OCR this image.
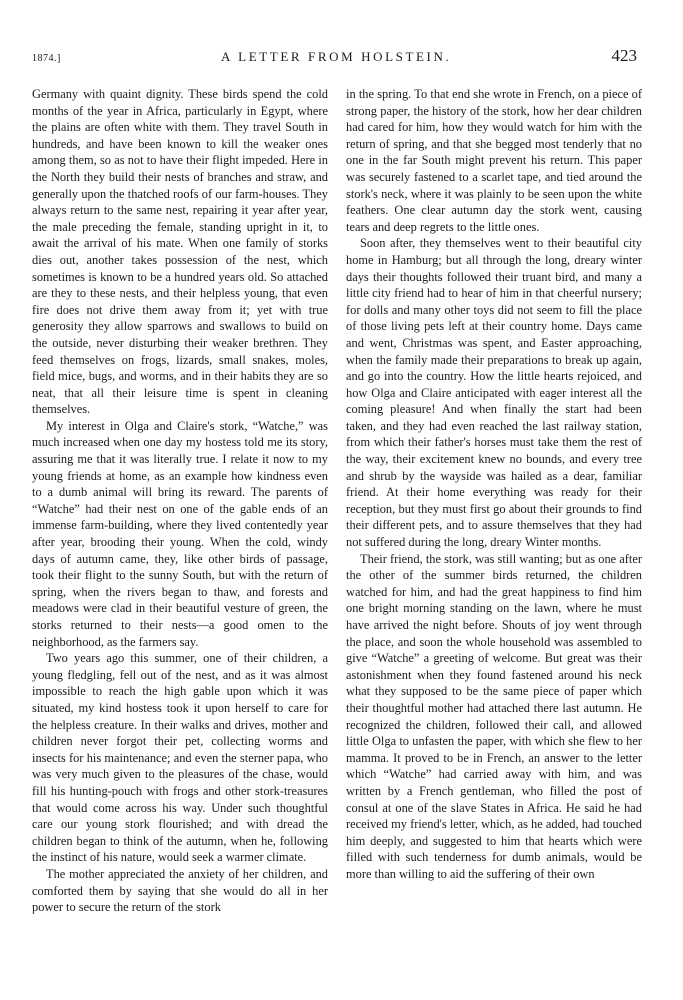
1874.]	A LETTER FROM HOLSTEIN.	423

Germany with quaint dignity. These birds spend the cold months of the year in Africa, particularly in Egypt, where the plains are often white with them. They travel South in hundreds, and have been known to kill the weaker ones among them, so as not to have their flight impeded. Here in the North they build their nests of branches and straw, and generally upon the thatched roofs of our farm-houses. They always return to the same nest, repairing it year after year, the male preceding the female, standing upright in it, to await the arrival of his mate. When one family of storks dies out, another takes possession of the nest, which sometimes is known to be a hundred years old. So attached are they to these nests, and their helpless young, that even fire does not drive them away from it; yet with true generosity they allow sparrows and swallows to build on the outside, never disturbing their weaker brethren. They feed themselves on frogs, lizards, small snakes, moles, field mice, bugs, and worms, and in their habits they are so neat, that all their leisure time is spent in cleaning themselves.

My interest in Olga and Claire's stork, “Watche,” was much increased when one day my hostess told me its story, assuring me that it was literally true. I relate it now to my young friends at home, as an example how kindness even to a dumb animal will bring its reward. The parents of “Watche” had their nest on one of the gable ends of an immense farm-building, where they lived contentedly year after year, brooding their young. When the cold, windy days of autumn came, they, like other birds of passage, took their flight to the sunny South, but with the return of spring, when the rivers began to thaw, and forests and meadows were clad in their beautiful vesture of green, the storks returned to their nests—a good omen to the neighborhood, as the farmers say.

Two years ago this summer, one of their children, a young fledgling, fell out of the nest, and as it was almost impossible to reach the high gable upon which it was situated, my kind hostess took it upon herself to care for the helpless creature. In their walks and drives, mother and children never forgot their pet, collecting worms and insects for his maintenance; and even the sterner papa, who was very much given to the pleasures of the chase, would fill his hunting-pouch with frogs and other stork-treasures that would come across his way. Under such thoughtful care our young stork flourished; and with dread the children began to think of the autumn, when he, following the instinct of his nature, would seek a warmer climate.

The mother appreciated the anxiety of her children, and comforted them by saying that she would do all in her power to secure the return of the stork

in the spring. To that end she wrote in French, on a piece of strong paper, the history of the stork, how her dear children had cared for him, how they would watch for him with the return of spring, and that she begged most tenderly that no one in the far South might prevent his return. This paper was securely fastened to a scarlet tape, and tied around the stork's neck, where it was plainly to be seen upon the white feathers. One clear autumn day the stork went, causing tears and deep regrets to the little ones.

Soon after, they themselves went to their beautiful city home in Hamburg; but all through the long, dreary winter days their thoughts followed their truant bird, and many a little city friend had to hear of him in that cheerful nursery; for dolls and many other toys did not seem to fill the place of those living pets left at their country home. Days came and went, Christmas was spent, and Easter approaching, when the family made their preparations to break up again, and go into the country. How the little hearts rejoiced, and how Olga and Claire anticipated with eager interest all the coming pleasure! And when finally the start had been taken, and they had even reached the last railway station, from which their father's horses must take them the rest of the way, their excitement knew no bounds, and every tree and shrub by the wayside was hailed as a dear, familiar friend. At their home everything was ready for their reception, but they must first go about their grounds to find their different pets, and to assure themselves that they had not suffered during the long, dreary Winter months.

Their friend, the stork, was still wanting; but as one after the other of the summer birds returned, the children watched for him, and had the great happiness to find him one bright morning standing on the lawn, where he must have arrived the night before. Shouts of joy went through the place, and soon the whole household was assembled to give “Watche” a greeting of welcome. But great was their astonishment when they found fastened around his neck what they supposed to be the same piece of paper which their thoughtful mother had attached there last autumn. He recognized the children, followed their call, and allowed little Olga to unfasten the paper, with which she flew to her mamma. It proved to be in French, an answer to the letter which “Watche” had carried away with him, and was written by a French gentleman, who filled the post of consul at one of the slave States in Africa. He said he had received my friend's letter, which, as he added, had touched him deeply, and suggested to him that hearts which were filled with such tenderness for dumb animals, would be more than willing to aid the suffering of their own
